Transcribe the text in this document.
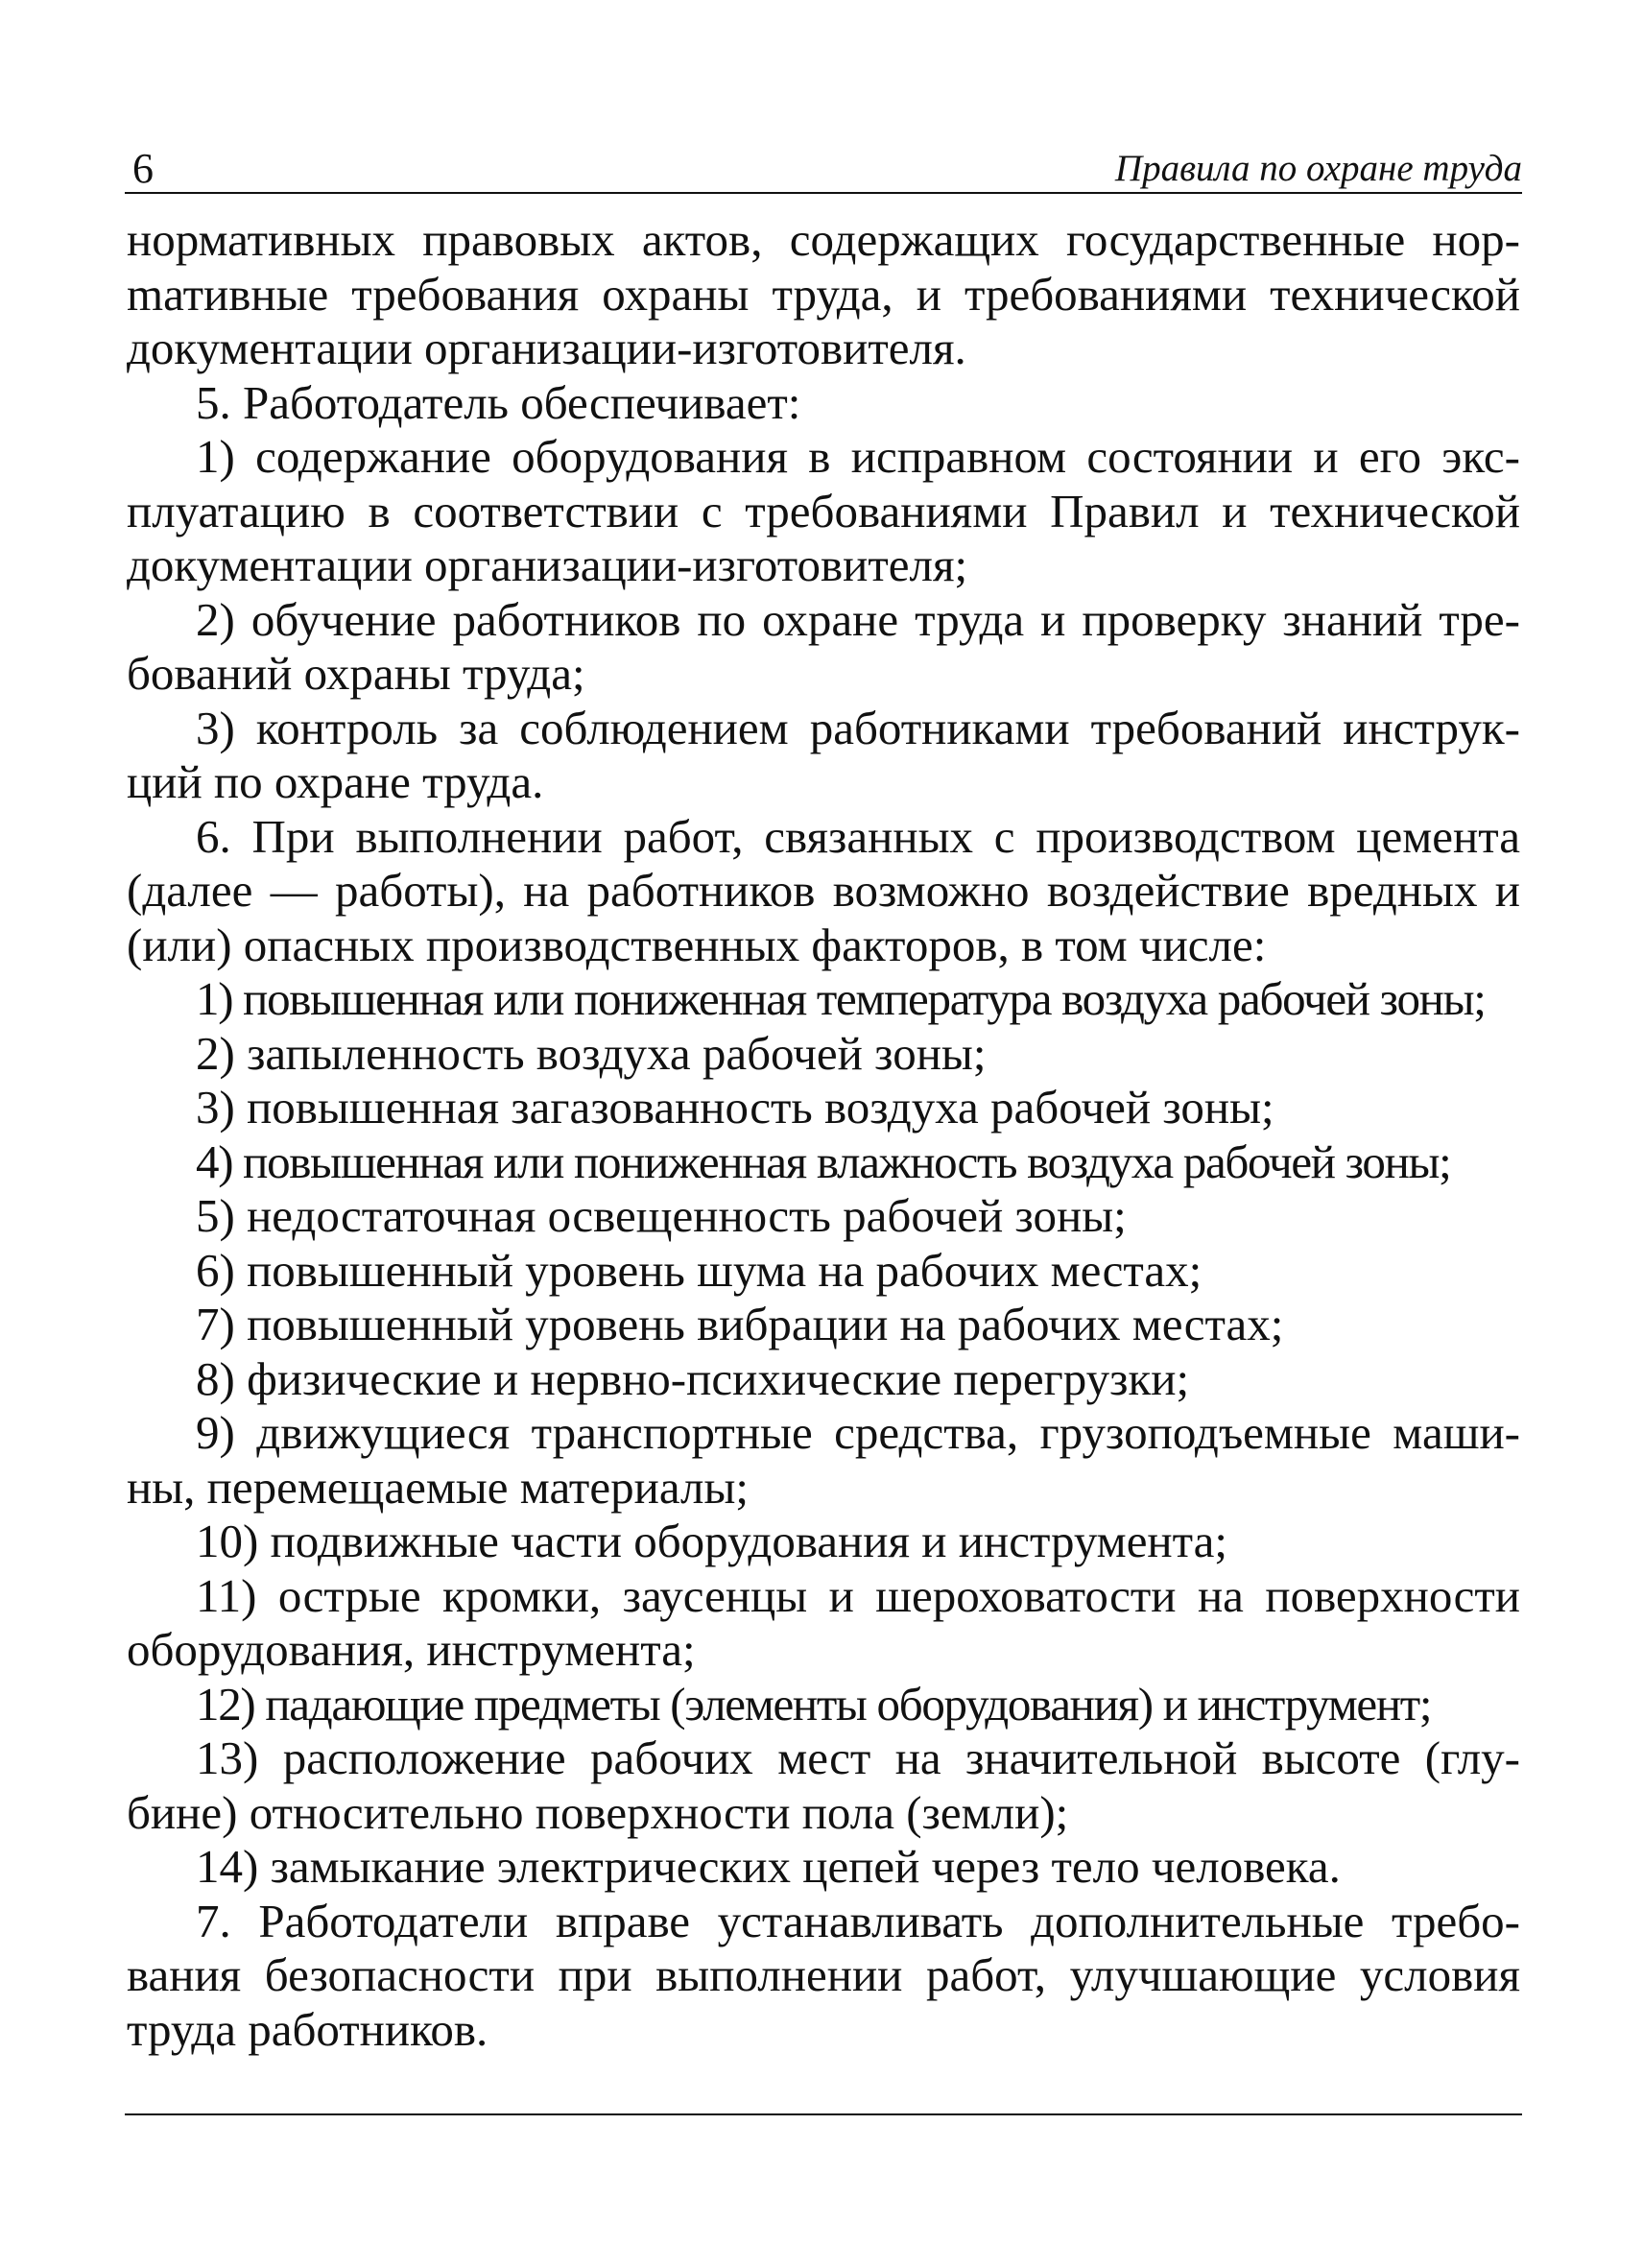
6	Правила по охране труда

нормативных правовых актов, содержащих государственные норmативные требования охраны труда, и требованиями технической документации организации-изготовителя.

5. Работодатель обеспечивает:

1) содержание оборудования в исправном состоянии и его эксплуатацию в соответствии с требованиями Правил и технической документации организации-изготовителя;

2) обучение работников по охране труда и проверку знаний требований охраны труда;

3) контроль за соблюдением работниками требований инструкций по охране труда.

6. При выполнении работ, связанных с производством цемента (далее — работы), на работников возможно воздействие вредных и (или) опасных производственных факторов, в том числе:

1) повышенная или пониженная температура воздуха рабочей зоны;

2) запыленность воздуха рабочей зоны;

3) повышенная загазованность воздуха рабочей зоны;

4) повышенная или пониженная влажность воздуха рабочей зоны;

5) недостаточная освещенность рабочей зоны;

6) повышенный уровень шума на рабочих местах;

7) повышенный уровень вибрации на рабочих местах;

8) физические и нервно-психические перегрузки;

9) движущиеся транспортные средства, грузоподъемные машины, перемещаемые материалы;

10) подвижные части оборудования и инструмента;

11) острые кромки, заусенцы и шероховатости на поверхности оборудования, инструмента;

12) падающие предметы (элементы оборудования) и инструмент;

13) расположение рабочих мест на значительной высоте (глубине) относительно поверхности пола (земли);

14) замыкание электрических цепей через тело человека.

7. Работодатели вправе устанавливать дополнительные требования безопасности при выполнении работ, улучшающие условия труда работников.
